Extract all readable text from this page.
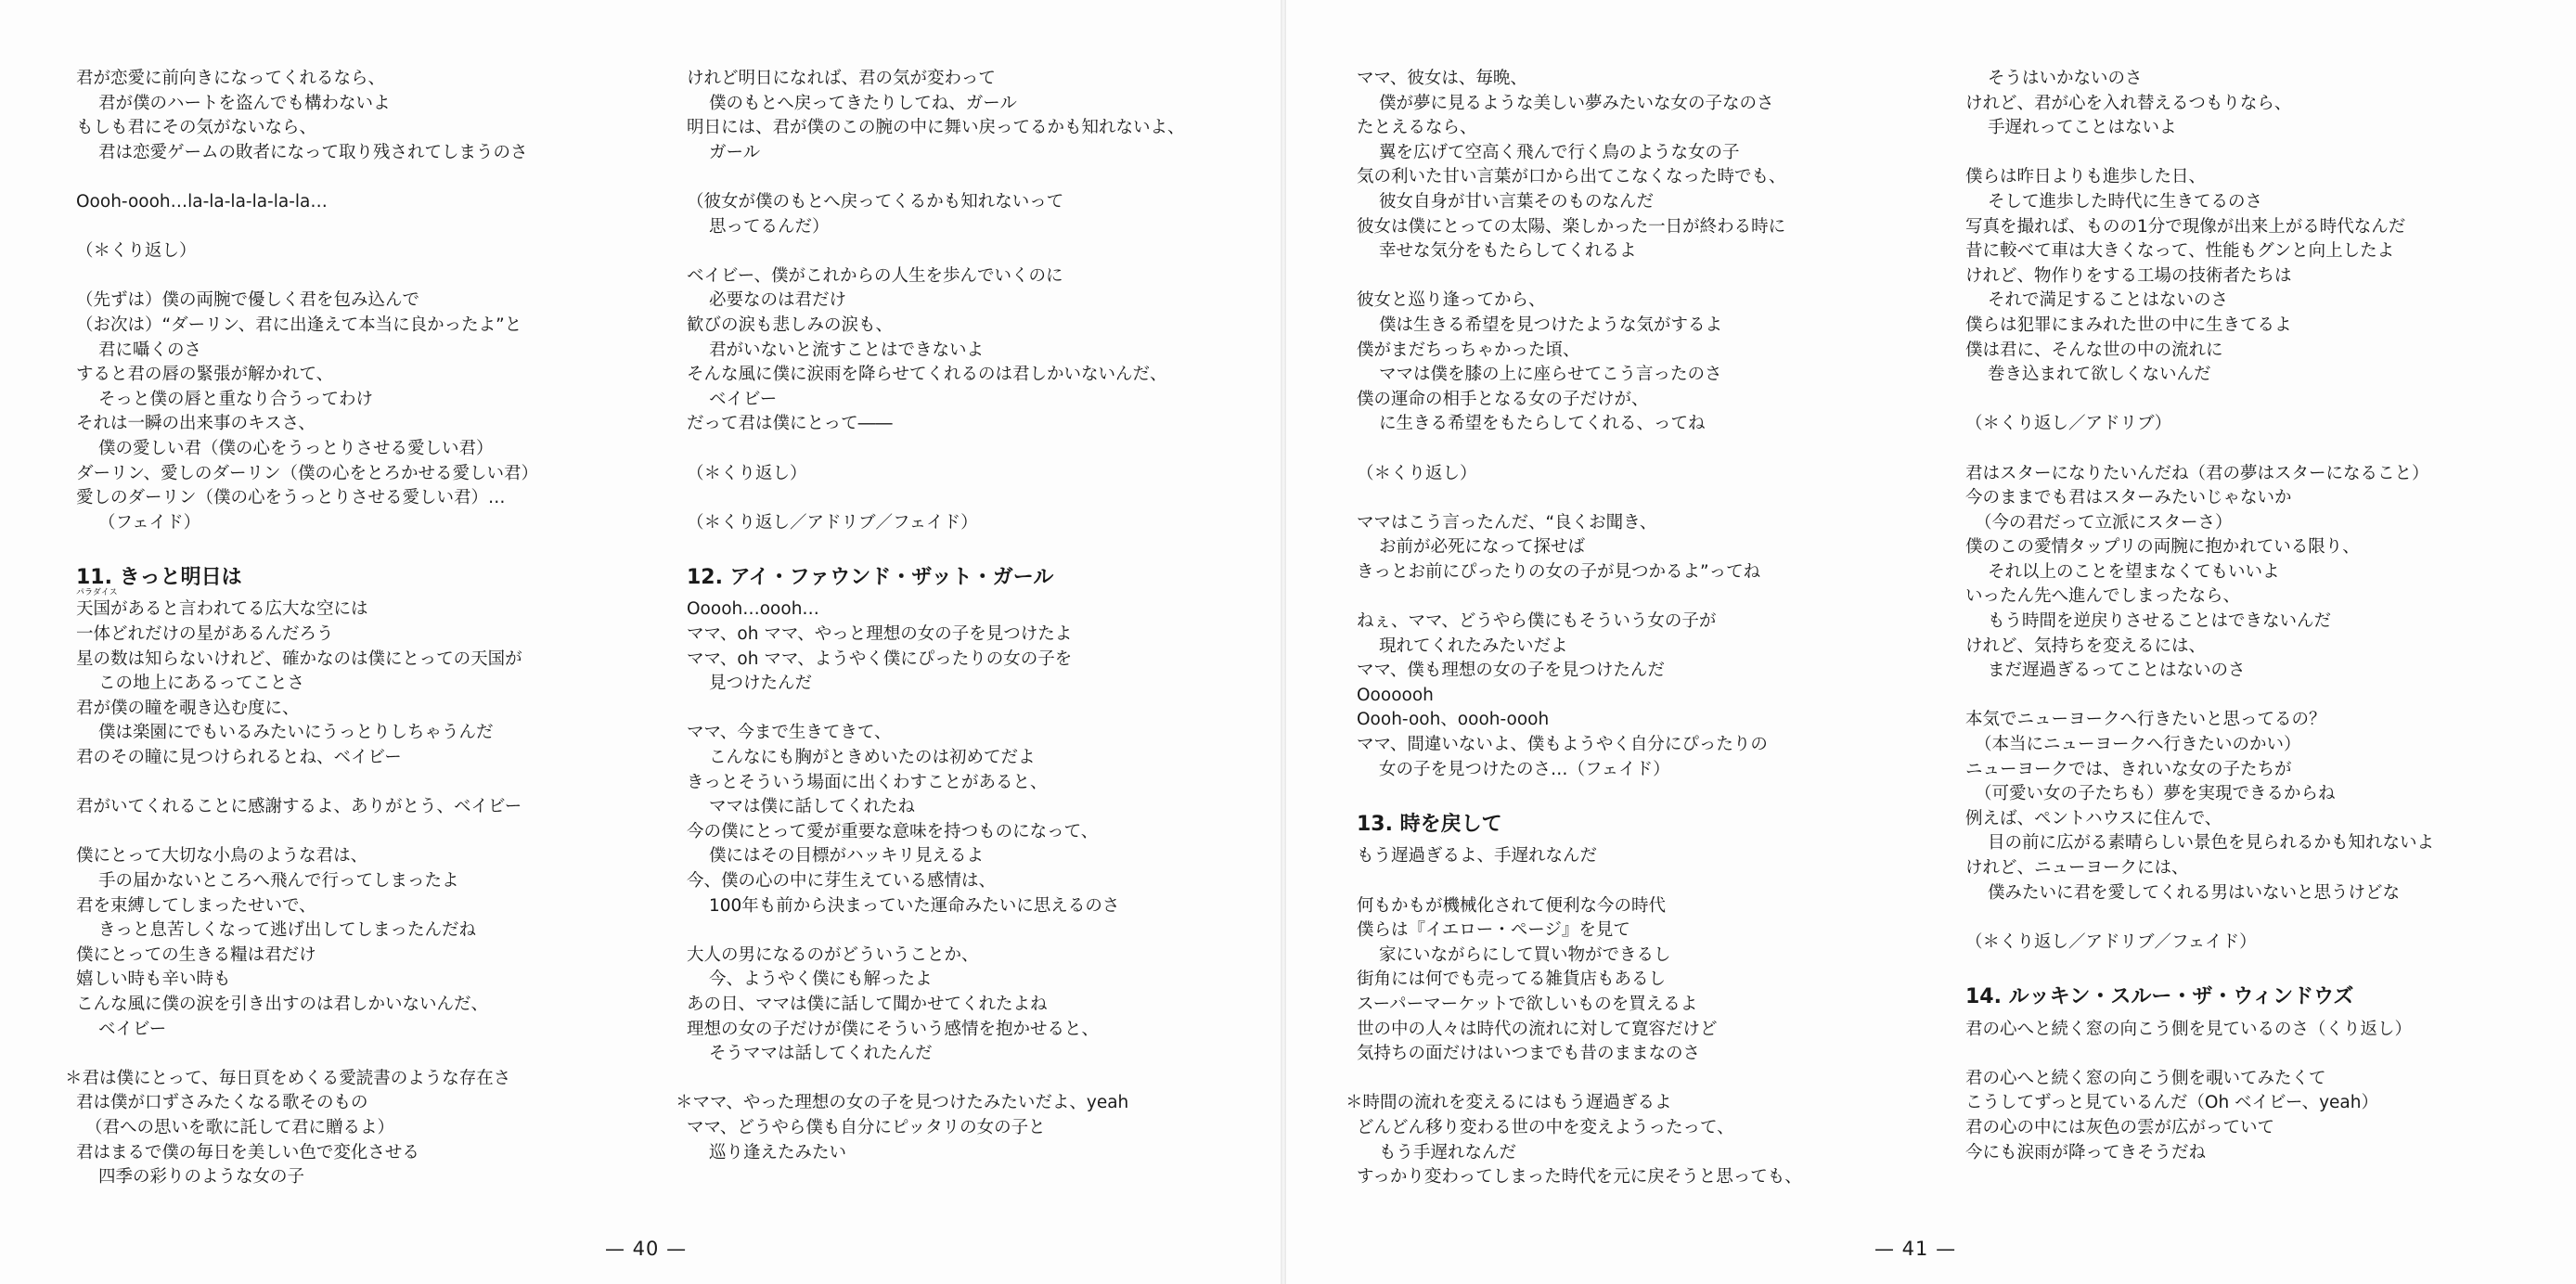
君が恋愛に前向きになってくれるなら、
君が僕のハートを盗んでも構わないよ
もしも君にその気がないなら、
君は恋愛ゲームの敗者になって取り残されてしまうのさ
Oooh-oooh…la-la-la-la-la-la…
（＊くり返し）
（先ずは）僕の両腕で優しく君を包み込んで
（お次は）“ダーリン、君に出逢えて本当に良かったよ”と
君に囁くのさ
すると君の唇の緊張が解かれて、
そっと僕の唇と重なり合うってわけ
それは一瞬の出来事のキスさ、
僕の愛しい君（僕の心をうっとりさせる愛しい君）
ダーリン、愛しのダーリン（僕の心をとろかせる愛しい君）
愛しのダーリン（僕の心をうっとりさせる愛しい君）…
（フェイド）
11. きっと明日は
パラダイス
天国があると言われてる広大な空には
一体どれだけの星があるんだろう
星の数は知らないけれど、確かなのは僕にとっての天国が
この地上にあるってことさ
君が僕の瞳を覗き込む度に、
僕は楽園にでもいるみたいにうっとりしちゃうんだ
君のその瞳に見つけられるとね、ベイビー
君がいてくれることに感謝するよ、ありがとう、ベイビー
僕にとって大切な小鳥のような君は、
手の届かないところへ飛んで行ってしまったよ
君を束縛してしまったせいで、
きっと息苦しくなって逃げ出してしまったんだね
僕にとっての生きる糧は君だけ
嬉しい時も辛い時も
こんな風に僕の涙を引き出すのは君しかいないんだ、
ベイビー
＊君は僕にとって、毎日頁をめくる愛読書のような存在さ
君は僕が口ずさみたくなる歌そのもの
（君への思いを歌に託して君に贈るよ）
君はまるで僕の毎日を美しい色で変化させる
四季の彩りのような女の子
けれど明日になれば、君の気が変わって
僕のもとへ戻ってきたりしてね、ガール
明日には、君が僕のこの腕の中に舞い戻ってるかも知れないよ、
ガール
（彼女が僕のもとへ戻ってくるかも知れないって
思ってるんだ）
ベイビー、僕がこれからの人生を歩んでいくのに
必要なのは君だけ
歓びの涙も悲しみの涙も、
君がいないと流すことはできないよ
そんな風に僕に涙雨を降らせてくれるのは君しかいないんだ、
ベイビー
だって君は僕にとって――
（＊くり返し）
（＊くり返し／アドリブ／フェイド）
12. アイ・ファウンド・ザット・ガール
Ooooh…oooh…
ママ、oh ママ、やっと理想の女の子を見つけたよ
ママ、oh ママ、ようやく僕にぴったりの女の子を
見つけたんだ
ママ、今まで生きてきて、
こんなにも胸がときめいたのは初めてだよ
きっとそういう場面に出くわすことがあると、
ママは僕に話してくれたね
今の僕にとって愛が重要な意味を持つものになって、
僕にはその目標がハッキリ見えるよ
今、僕の心の中に芽生えている感情は、
100年も前から決まっていた運命みたいに思えるのさ
大人の男になるのがどういうことか、
今、ようやく僕にも解ったよ
あの日、ママは僕に話して聞かせてくれたよね
理想の女の子だけが僕にそういう感情を抱かせると、
そうママは話してくれたんだ
＊ママ、やった理想の女の子を見つけたみたいだよ、yeah
ママ、どうやら僕も自分にピッタリの女の子と
巡り逢えたみたい
— 40 —
ママ、彼女は、毎晩、
僕が夢に見るような美しい夢みたいな女の子なのさ
たとえるなら、
翼を広げて空高く飛んで行く鳥のような女の子
気の利いた甘い言葉が口から出てこなくなった時でも、
彼女自身が甘い言葉そのものなんだ
彼女は僕にとっての太陽、楽しかった一日が終わる時に
幸せな気分をもたらしてくれるよ
彼女と巡り逢ってから、
僕は生きる希望を見つけたような気がするよ
僕がまだちっちゃかった頃、
ママは僕を膝の上に座らせてこう言ったのさ
僕の運命の相手となる女の子だけが、
に生きる希望をもたらしてくれる、ってね
（＊くり返し）
ママはこう言ったんだ、“良くお聞き、
お前が必死になって探せば
きっとお前にぴったりの女の子が見つかるよ”ってね
ねぇ、ママ、どうやら僕にもそういう女の子が
現れてくれたみたいだよ
ママ、僕も理想の女の子を見つけたんだ
Ooooooh
Oooh-ooh、oooh-oooh
ママ、間違いないよ、僕もようやく自分にぴったりの
女の子を見つけたのさ…（フェイド）
13. 時を戻して
もう遅過ぎるよ、手遅れなんだ
何もかもが機械化されて便利な今の時代
僕らは『イエロー・ページ』を見て
家にいながらにして買い物ができるし
街角には何でも売ってる雑貨店もあるし
スーパーマーケットで欲しいものを買えるよ
世の中の人々は時代の流れに対して寛容だけど
気持ちの面だけはいつまでも昔のままなのさ
＊時間の流れを変えるにはもう遅過ぎるよ
どんどん移り変わる世の中を変えようったって、
もう手遅れなんだ
すっかり変わってしまった時代を元に戻そうと思っても、
そうはいかないのさ
けれど、君が心を入れ替えるつもりなら、
手遅れってことはないよ
僕らは昨日よりも進歩した日、
そして進歩した時代に生きてるのさ
写真を撮れば、ものの1分で現像が出来上がる時代なんだ
昔に較べて車は大きくなって、性能もグンと向上したよ
けれど、物作りをする工場の技術者たちは
それで満足することはないのさ
僕らは犯罪にまみれた世の中に生きてるよ
僕は君に、そんな世の中の流れに
巻き込まれて欲しくないんだ
（＊くり返し／アドリブ）
君はスターになりたいんだね（君の夢はスターになること）
今のままでも君はスターみたいじゃないか
（今の君だって立派にスターさ）
僕のこの愛情タップリの両腕に抱かれている限り、
それ以上のことを望まなくてもいいよ
いったん先へ進んでしまったなら、
もう時間を逆戻りさせることはできないんだ
けれど、気持ちを変えるには、
まだ遅過ぎるってことはないのさ
本気でニューヨークへ行きたいと思ってるの？
（本当にニューヨークへ行きたいのかい）
ニューヨークでは、きれいな女の子たちが
（可愛い女の子たちも）夢を実現できるからね
例えば、ペントハウスに住んで、
目の前に広がる素晴らしい景色を見られるかも知れないよ
けれど、ニューヨークには、
僕みたいに君を愛してくれる男はいないと思うけどな
（＊くり返し／アドリブ／フェイド）
14. ルッキン・スルー・ザ・ウィンドウズ
君の心へと続く窓の向こう側を見ているのさ（くり返し）
君の心へと続く窓の向こう側を覗いてみたくて
こうしてずっと見ているんだ（Oh ベイビー、yeah）
君の心の中には灰色の雲が広がっていて
今にも涙雨が降ってきそうだね
— 41 —
